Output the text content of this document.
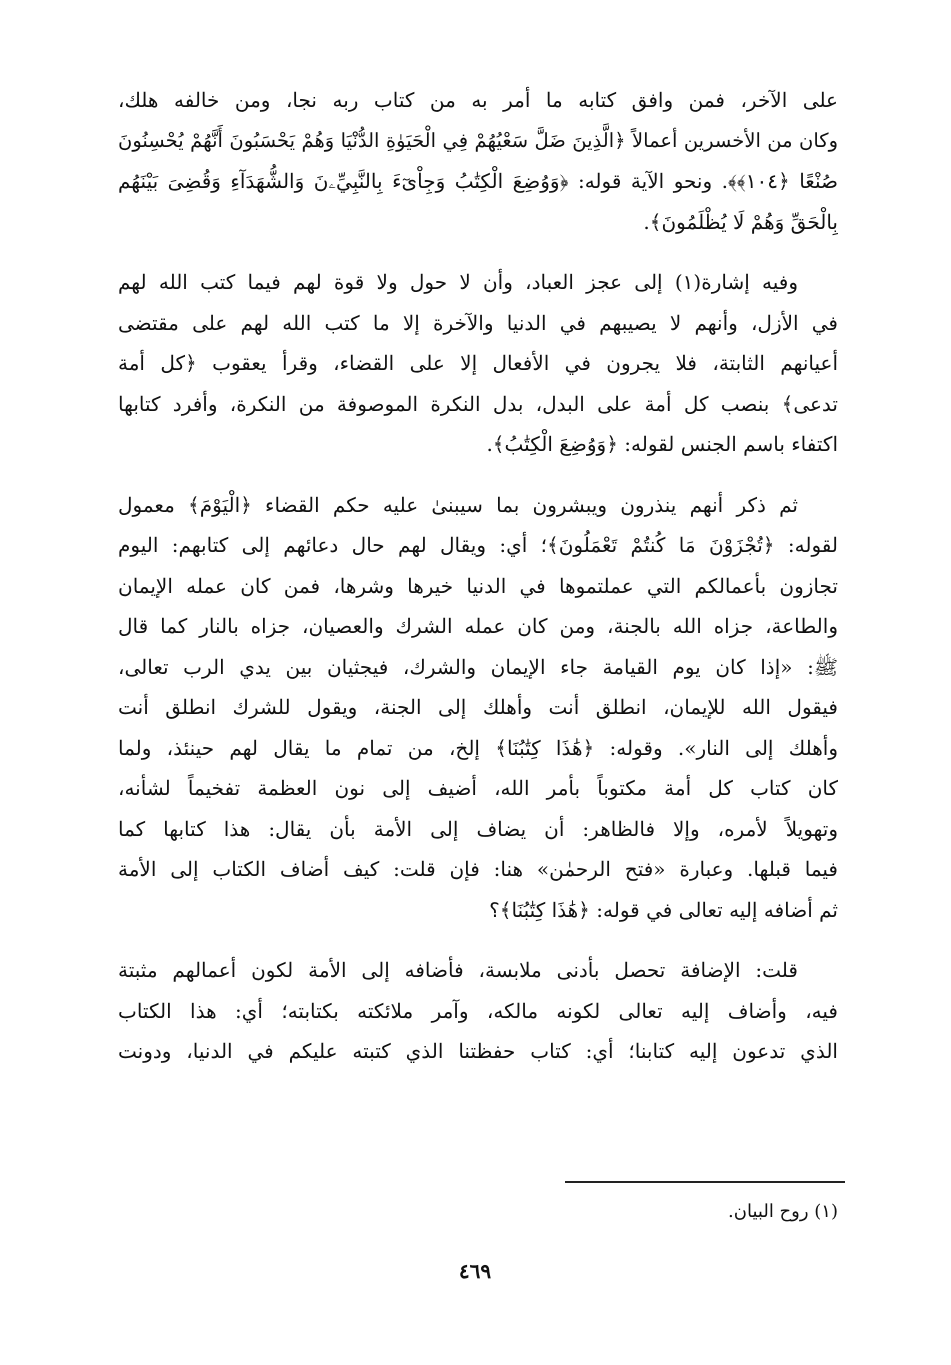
على الآخر، فمن وافق كتابه ما أمر به من كتاب ربه نجا، ومن خالفه هلك،
وكان من الأخسرين أعمالاً ﴿الَّذِينَ ضَلَّ سَعْيُهُمْ فِي الْحَيَوٰةِ الدُّنْيَا وَهُمْ يَحْسَبُونَ أَنَّهُمْ يُحْسِنُونَ
صُنْعًا ﴿١٠٤﴾﴾. ونحو الآية قوله: ﴿وَوُضِعَ الْكِتَٰبُ وَجِاْىٓءَ بِالنَّبِيِّۦنَ وَالشُّهَدَآءِ وَقُضِىَ بَيْنَهُم
بِالْحَقِّ وَهُمْ لَا يُظْلَمُونَ﴾.
وفيه إشارة(١) إلى عجز العباد، وأن لا حول ولا قوة لهم فيما كتب الله لهم
في الأزل، وأنهم لا يصيبهم في الدنيا والآخرة إلا ما كتب الله لهم على مقتضى
أعيانهم الثابتة، فلا يجرون في الأفعال إلا على القضاء، وقرأ يعقوب ﴿كل أمة
تدعى﴾ بنصب كل أمة على البدل، بدل النكرة الموصوفة من النكرة، وأفرد كتابها
اكتفاء باسم الجنس لقوله: ﴿وَوُضِعَ الْكِتَٰبُ﴾.
ثم ذكر أنهم ينذرون ويبشرون بما سيبنىٰ عليه حكم القضاء ﴿الْيَوْمَ﴾ معمول
لقوله: ﴿تُجْزَوْنَ مَا كُنتُمْ تَعْمَلُونَ﴾؛ أي: ويقال لهم حال دعائهم إلى كتابهم: اليوم
تجازون بأعمالكم التي عملتموها في الدنيا خيرها وشرها، فمن كان عمله الإيمان
والطاعة، جزاه الله بالجنة، ومن كان عمله الشرك والعصيان، جزاه بالنار كما قال
ﷺ: «إذا كان يوم القيامة جاء الإيمان والشرك، فيجثيان بين يدي الرب تعالى،
فيقول الله للإيمان، انطلق أنت وأهلك إلى الجنة، ويقول للشرك انطلق أنت
وأهلك إلى النار». وقوله: ﴿هَٰذَا كِتَٰبُنَا﴾ إلخ، من تمام ما يقال لهم حينئذ، ولما
كان كتاب كل أمة مكتوباً بأمر الله، أضيف إلى نون العظمة تفخيماً لشأنه،
وتهويلاً لأمره، وإلا فالظاهر: أن يضاف إلى الأمة بأن يقال: هذا كتابها كما
فيما قبلها. وعبارة «فتح الرحمٰن» هنا: فإن قلت: كيف أضاف الكتاب إلى الأمة
ثم أضافه إليه تعالى في قوله: ﴿هَٰذَا كِتَٰبُنَا﴾؟
قلت: الإضافة تحصل بأدنى ملابسة، فأضافه إلى الأمة لكون أعمالهم مثبتة
فيه، وأضاف إليه تعالى لكونه مالكه، وآمر ملائكته بكتابته؛ أي: هذا الكتاب
الذي تدعون إليه كتابنا؛ أي: كتاب حفظتنا الذي كتبته عليكم في الدنيا، ودونت
(١) روح البيان.
٤٦٩
